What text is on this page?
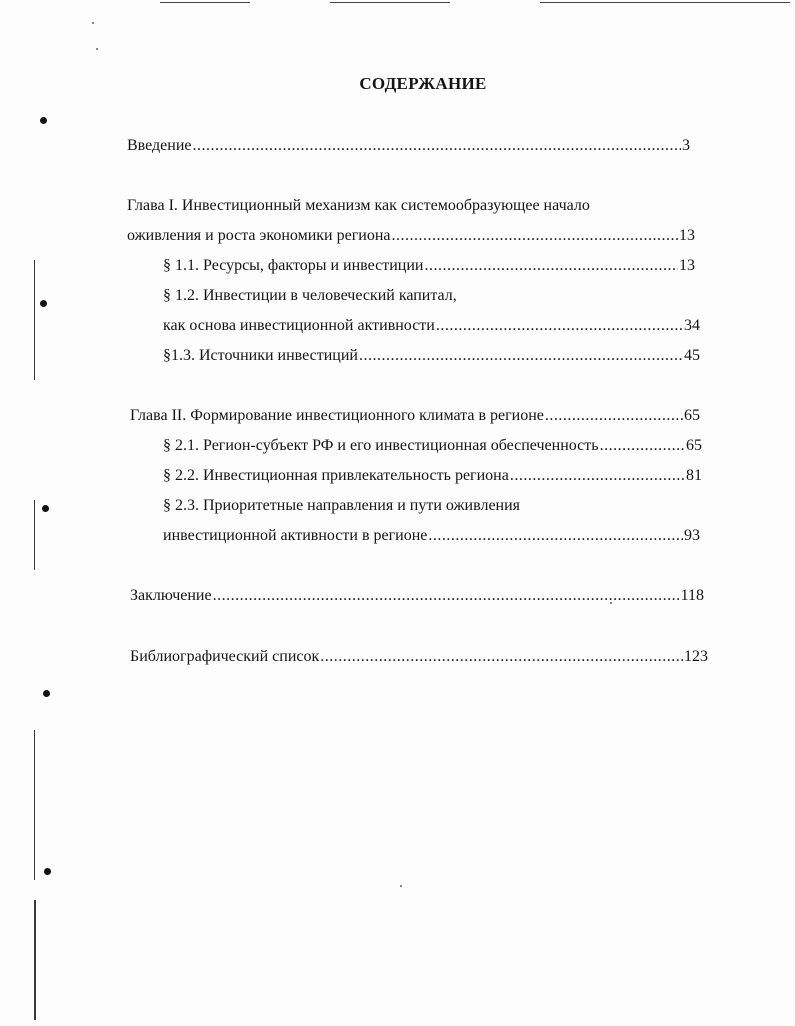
СОДЕРЖАНИЕ
Введение .....	3
Глава I. Инвестиционный механизм как системообразующее начало
оживления и роста экономики региона .....	13
§ 1.1. Ресурсы, факторы и инвестиции .....	13
§ 1.2. Инвестиции в человеческий капитал,
как основа инвестиционной активности .....	34
§1.3. Источники инвестиций .....	45
Глава II. Формирование инвестиционного климата в регионе .....	65
§ 2.1. Регион-субъект РФ и его инвестиционная обеспеченность .....	65
§ 2.2. Инвестиционная привлекательность региона .....	81
§ 2.3. Приоритетные направления и пути оживления
инвестиционной активности в регионе .....	93
Заключение .....	118
Библиографический список .....	123
